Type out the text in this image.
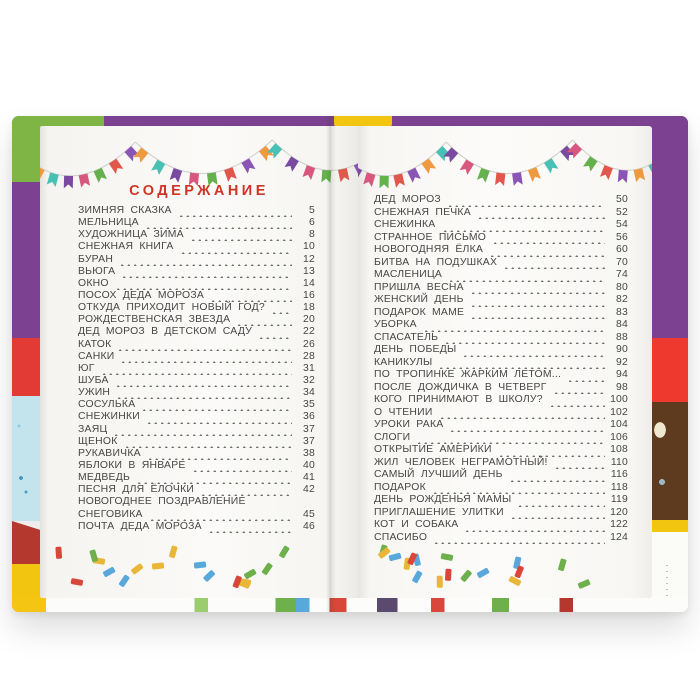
СОДЕРЖАНИЕ
ЗИМНЯЯ СКАЗКА	5
МЕЛЬНИЦА	6
ХУДОЖНИЦА ЗИМА	8
СНЕЖНАЯ КНИГА	10
БУРАН	12
ВЬЮГА	13
ОКНО	14
ПОСОХ ДЕДА МОРОЗА	16
ОТКУДА ПРИХОДИТ НОВЫЙ ГОД?	18
РОЖДЕСТВЕНСКАЯ ЗВЕЗДА	20
ДЕД МОРОЗ В ДЕТСКОМ САДУ	22
КАТОК	26
САНКИ	28
ЮГ	31
ШУБА	32
УЖИН	34
СОСУЛЬКА	35
СНЕЖИНКИ	36
ЗАЯЦ	37
ЩЕНОК	37
РУКАВИЧКА	38
ЯБЛОКИ В ЯНВАРЕ	40
МЕДВЕДЬ	41
ПЕСНЯ ДЛЯ ЁЛОЧКИ	42
НОВОГОДНЕЕ ПОЗДРАВЛЕНИЕ
СНЕГОВИКА	45
ПОЧТА ДЕДА МОРОЗА	46
ДЕД МОРОЗ	50
СНЕЖНАЯ ПЕЧКА	52
СНЕЖИНКА	54
СТРАННОЕ ПИСЬМО	56
НОВОГОДНЯЯ ЁЛКА	60
БИТВА НА ПОДУШКАХ	70
МАСЛЕНИЦА	74
ПРИШЛА ВЕСНА	80
ЖЕНСКИЙ ДЕНЬ	82
ПОДАРОК МАМЕ	83
УБОРКА	84
СПАСАТЕЛЬ	88
ДЕНЬ ПОБЕДЫ	90
КАНИКУЛЫ	92
ПО ТРОПИНКЕ ЖАРКИМ ЛЕТОМ...	94
ПОСЛЕ ДОЖДИЧКА В ЧЕТВЕРГ	98
КОГО ПРИНИМАЮТ В ШКОЛУ?	100
О ЧТЕНИИ	102
УРОКИ РАКА	104
СЛОГИ	106
ОТКРЫТИЕ АМЕРИКИ	108
ЖИЛ ЧЕЛОВЕК НЕГРАМОТНЫЙ!	110
САМЫЙ ЛУЧШИЙ ДЕНЬ	116
ПОДАРОК	118
ДЕНЬ РОЖДЕНЬЯ МАМЫ	119
ПРИГЛАШЕНИЕ УЛИТКИ	120
КОТ И СОБАКА	122
СПАСИБО	124
